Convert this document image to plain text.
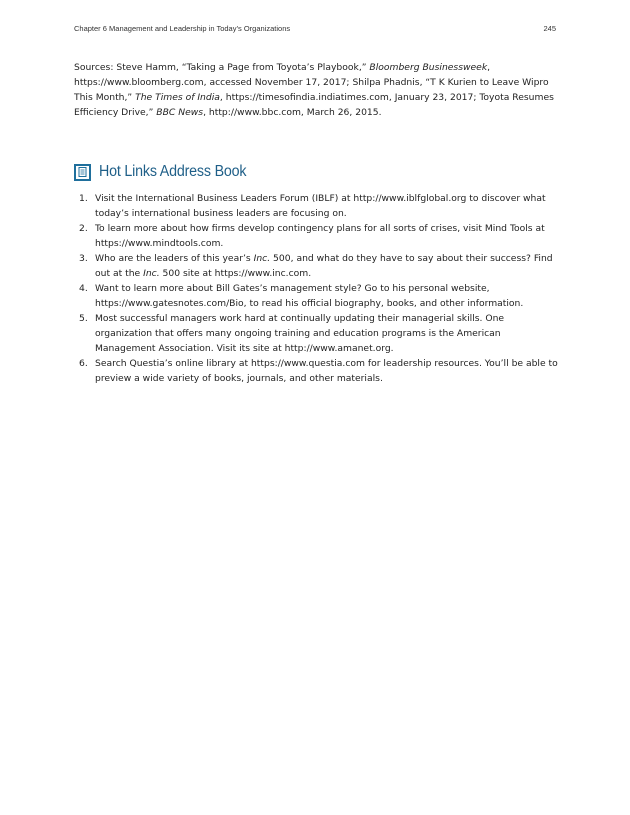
Chapter 6 Management and Leadership in Today’s Organizations	245

Sources: Steve Hamm, “Taking a Page from Toyota’s Playbook,” Bloomberg Businessweek, https://www.bloomberg.com, accessed November 17, 2017; Shilpa Phadnis, “T K Kurien to Leave Wipro This Month,” The Times of India, https://timesofindia.indiatimes.com, January 23, 2017; Toyota Resumes Efficiency Drive,” BBC News, http://www.bbc.com, March 26, 2015.

Hot Links Address Book
1. Visit the International Business Leaders Forum (IBLF) at http://www.iblfglobal.org to discover what today’s international business leaders are focusing on.
2. To learn more about how firms develop contingency plans for all sorts of crises, visit Mind Tools at https://www.mindtools.com.
3. Who are the leaders of this year’s Inc. 500, and what do they have to say about their success? Find out at the Inc. 500 site at https://www.inc.com.
4. Want to learn more about Bill Gates’s management style? Go to his personal website, https://www.gatesnotes.com/Bio, to read his official biography, books, and other information.
5. Most successful managers work hard at continually updating their managerial skills. One organization that offers many ongoing training and education programs is the American Management Association. Visit its site at http://www.amanet.org.
6. Search Questia’s online library at https://www.questia.com for leadership resources. You’ll be able to preview a wide variety of books, journals, and other materials.
